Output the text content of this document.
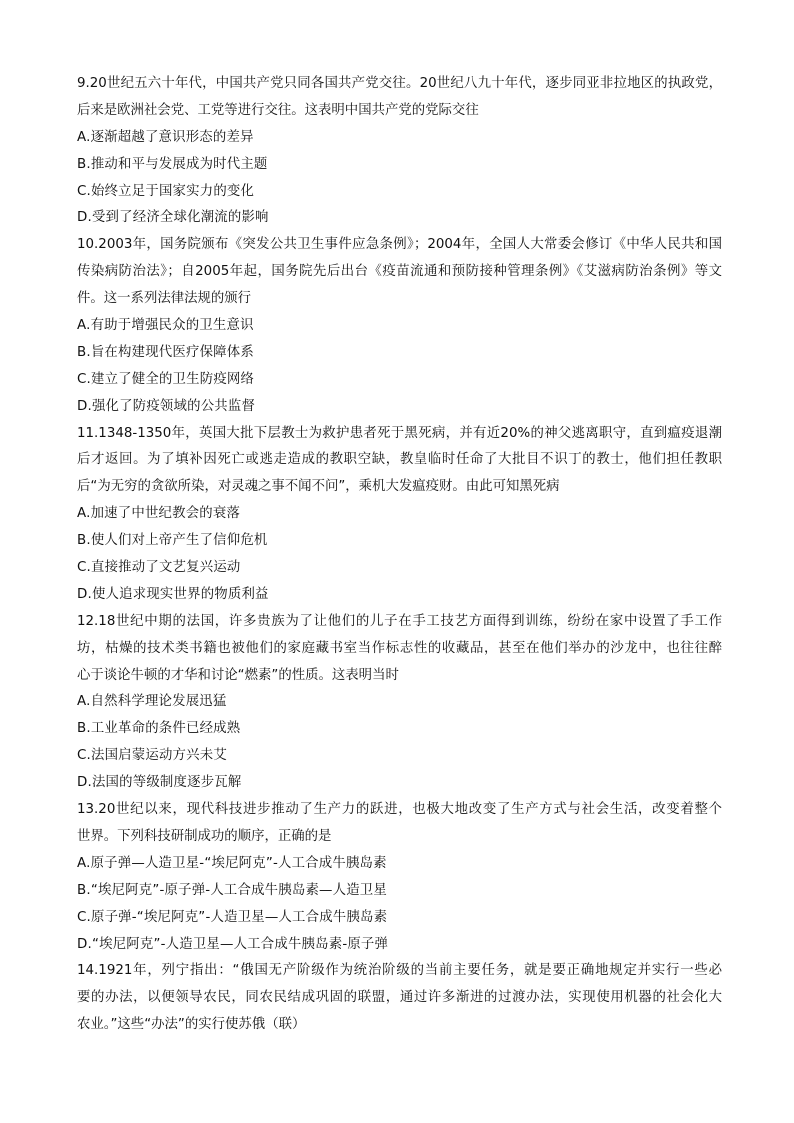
9.20世纪五六十年代，中国共产党只同各国共产党交往。20世纪八九十年代，逐步同亚非拉地区的执政党，
后来是欧洲社会党、工党等进行交往。这表明中国共产党的党际交往
A.逐渐超越了意识形态的差异
B.推动和平与发展成为时代主题
C.始终立足于国家实力的变化
D.受到了经济全球化潮流的影响
10.2003年，国务院颁布《突发公共卫生事件应急条例》；2004年，全国人大常委会修订《中华人民共和国
传染病防治法》；自2005年起，国务院先后出台《疫苗流通和预防接种管理条例》《艾滋病防治条例》等文
件。这一系列法律法规的颁行
A.有助于增强民众的卫生意识
B.旨在构建现代医疗保障体系
C.建立了健全的卫生防疫网络
D.强化了防疫领域的公共监督
11.1348-1350年，英国大批下层教士为救护患者死于黑死病，并有近20%的神父逃离职守，直到瘟疫退潮
后才返回。为了填补因死亡或逃走造成的教职空缺，教皇临时任命了大批目不识丁的教士，他们担任教职
后“为无穷的贪欲所染，对灵魂之事不闻不问”，乘机大发瘟疫财。由此可知黑死病
A.加速了中世纪教会的衰落
B.使人们对上帝产生了信仰危机
C.直接推动了文艺复兴运动
D.使人追求现实世界的物质利益
12.18世纪中期的法国，许多贵族为了让他们的儿子在手工技艺方面得到训练，纷纷在家中设置了手工作
坊，枯燥的技术类书籍也被他们的家庭藏书室当作标志性的收藏品，甚至在他们举办的沙龙中，也往往醉
心于谈论牛顿的才华和讨论“燃素”的性质。这表明当时
A.自然科学理论发展迅猛
B.工业革命的条件已经成熟
C.法国启蒙运动方兴未艾
D.法国的等级制度逐步瓦解
13.20世纪以来，现代科技进步推动了生产力的跃进，也极大地改变了生产方式与社会生活，改变着整个
世界。下列科技研制成功的顺序，正确的是
A.原子弹—人造卫星-“埃尼阿克”-人工合成牛胰岛素
B.“埃尼阿克”-原子弹-人工合成牛胰岛素—人造卫星
C.原子弹-“埃尼阿克”-人造卫星—人工合成牛胰岛素
D.“埃尼阿克”-人造卫星—人工合成牛胰岛素-原子弹
14.1921年，列宁指出：“俄国无产阶级作为统治阶级的当前主要任务，就是要正确地规定并实行一些必
要的办法，以便领导农民，同农民结成巩固的联盟，通过许多渐进的过渡办法，实现使用机器的社会化大
农业。”这些“办法”的实行使苏俄（联）
